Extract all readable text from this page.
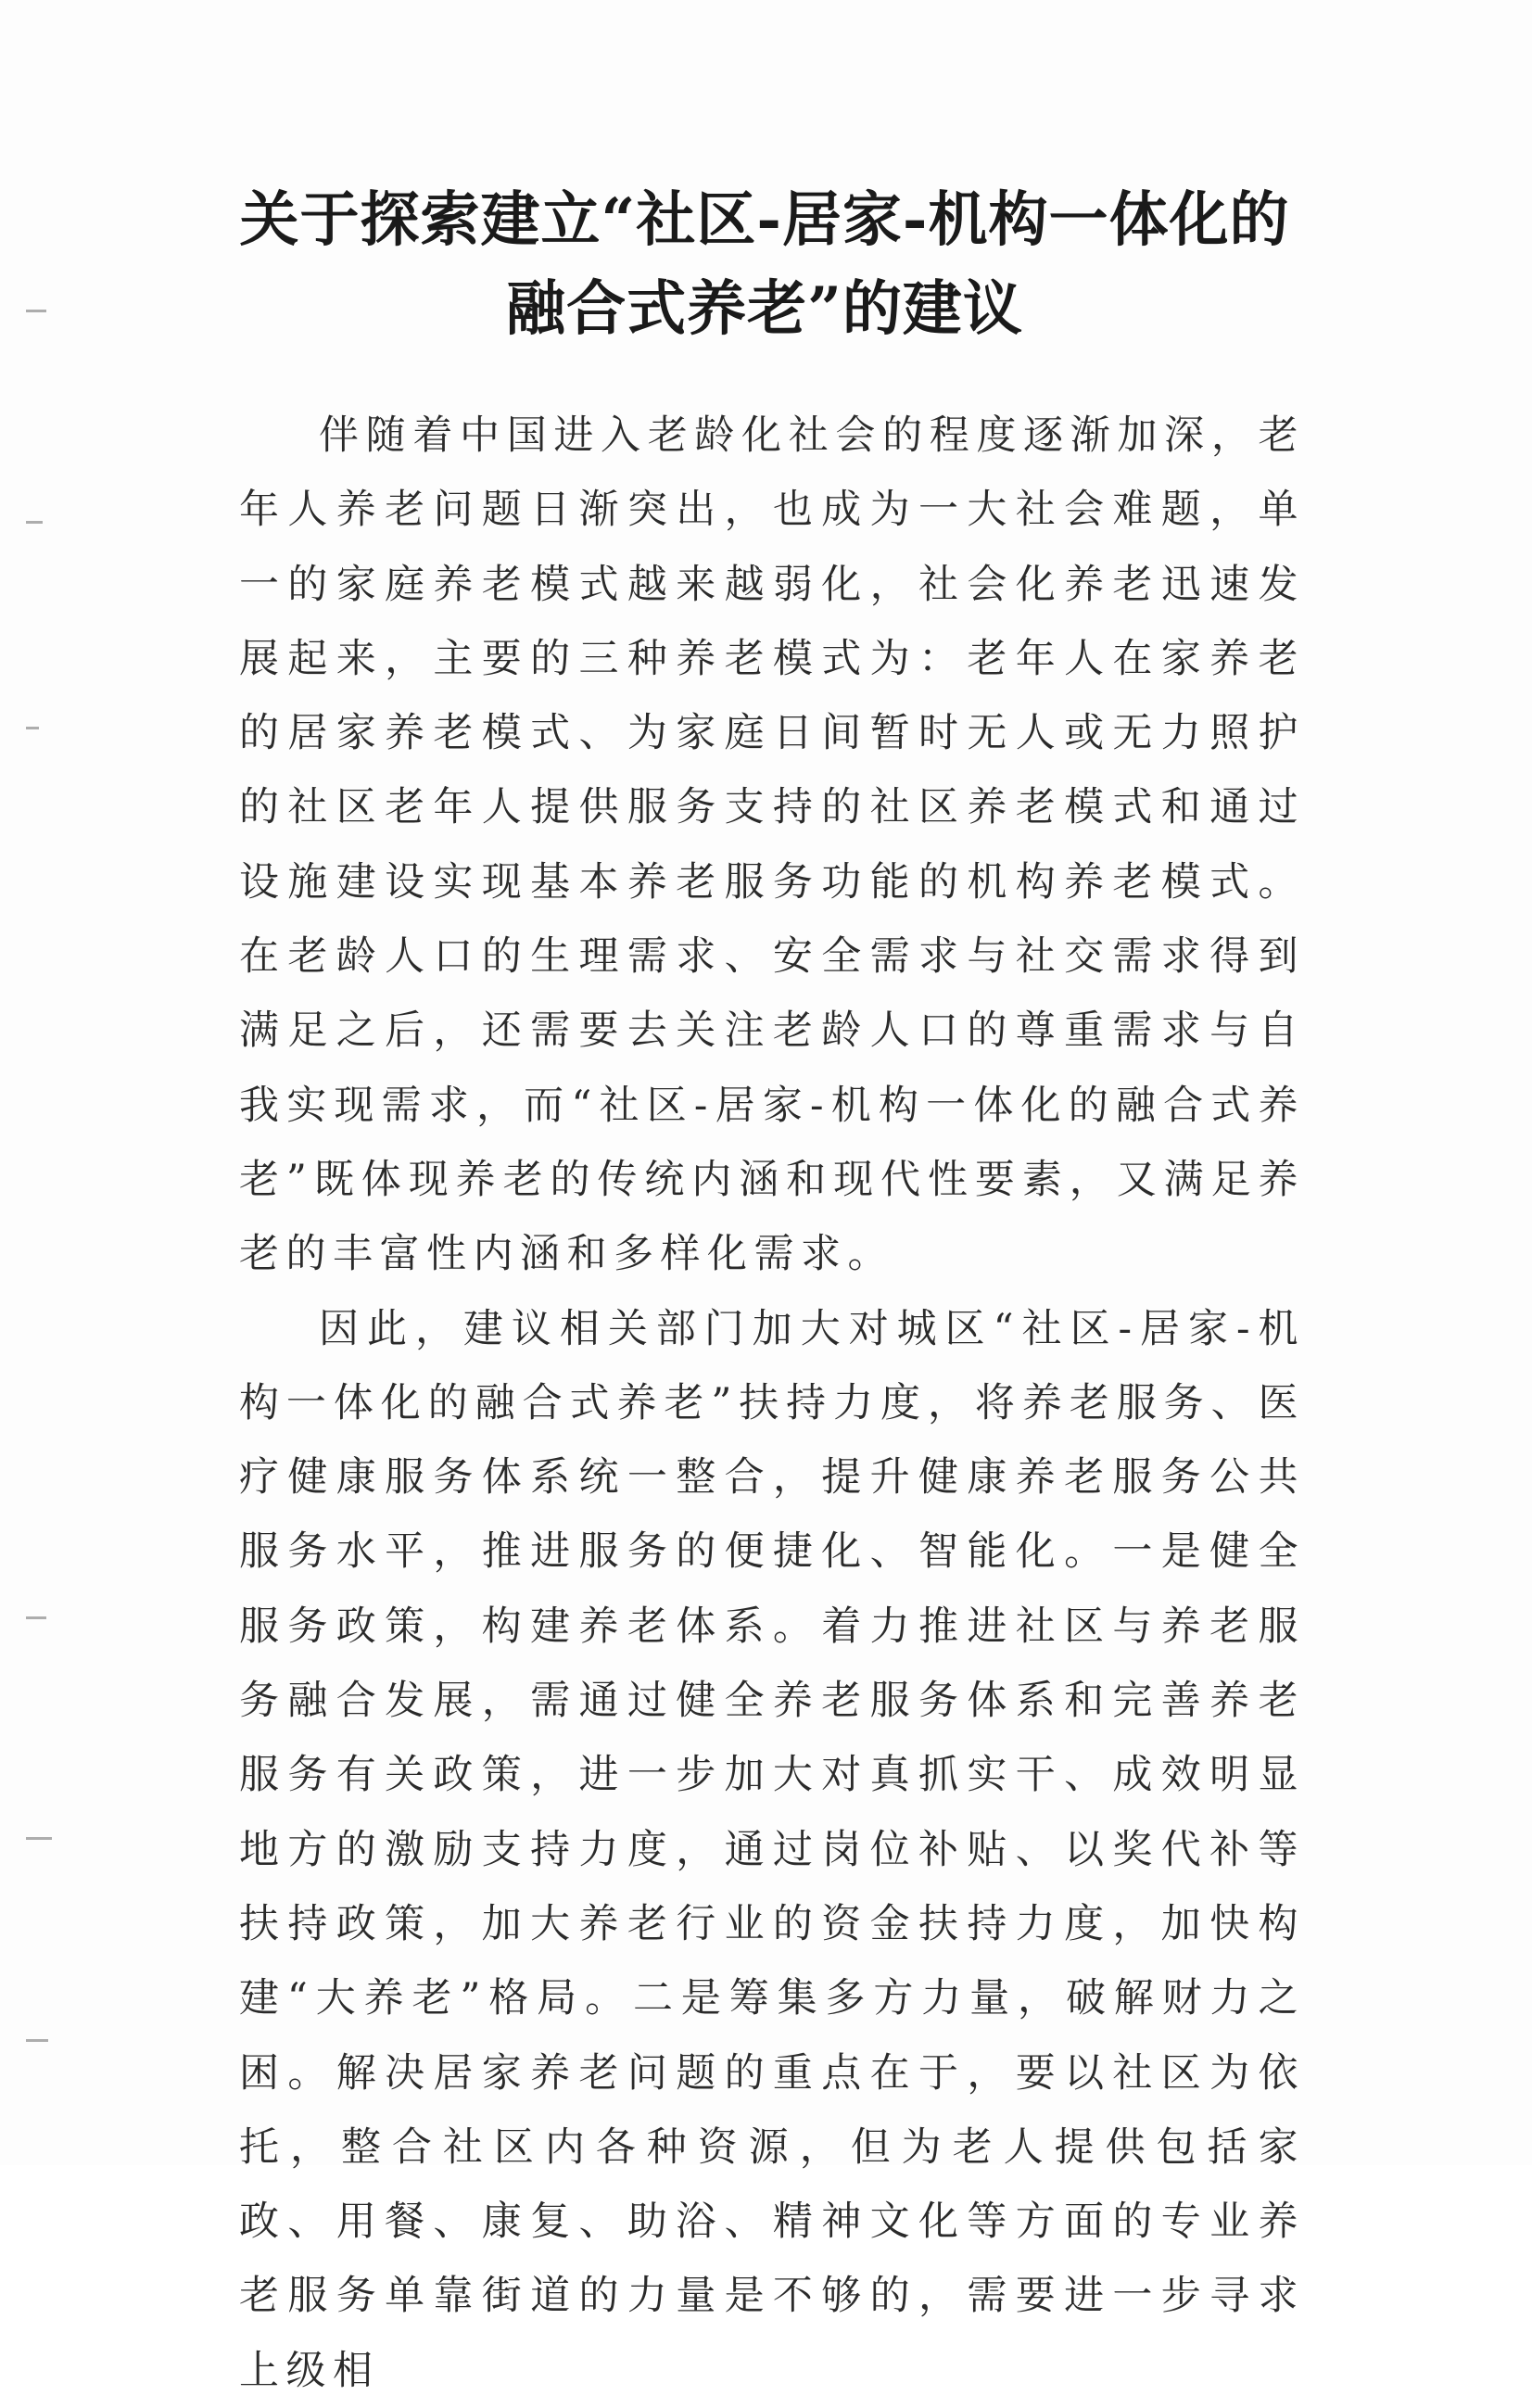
关于探索建立“社区-居家-机构一体化的
融合式养老”的建议

伴随着中国进入老龄化社会的程度逐渐加深，老年人养老问题日渐突出，也成为一大社会难题，单一的家庭养老模式越来越弱化，社会化养老迅速发展起来，主要的三种养老模式为：老年人在家养老的居家养老模式、为家庭日间暂时无人或无力照护的社区老年人提供服务支持的社区养老模式和通过设施建设实现基本养老服务功能的机构养老模式。在老龄人口的生理需求、安全需求与社交需求得到满足之后，还需要去关注老龄人口的尊重需求与自我实现需求，而“社区-居家-机构一体化的融合式养老”既体现养老的传统内涵和现代性要素，又满足养老的丰富性内涵和多样化需求。

因此，建议相关部门加大对城区“社区-居家-机构一体化的融合式养老”扶持力度，将养老服务、医疗健康服务体系统一整合，提升健康养老服务公共服务水平，推进服务的便捷化、智能化。一是健全服务政策，构建养老体系。着力推进社区与养老服务融合发展，需通过健全养老服务体系和完善养老服务有关政策，进一步加大对真抓实干、成效明显地方的激励支持力度，通过岗位补贴、以奖代补等扶持政策，加大养老行业的资金扶持力度，加快构建“大养老”格局。二是筹集多方力量，破解财力之困。解决居家养老问题的重点在于，要以社区为依托，整合社区内各种资源，但为老人提供包括家政、用餐、康复、助浴、精神文化等方面的专业养老服务单靠街道的力量是不够的，需要进一步寻求上级相
